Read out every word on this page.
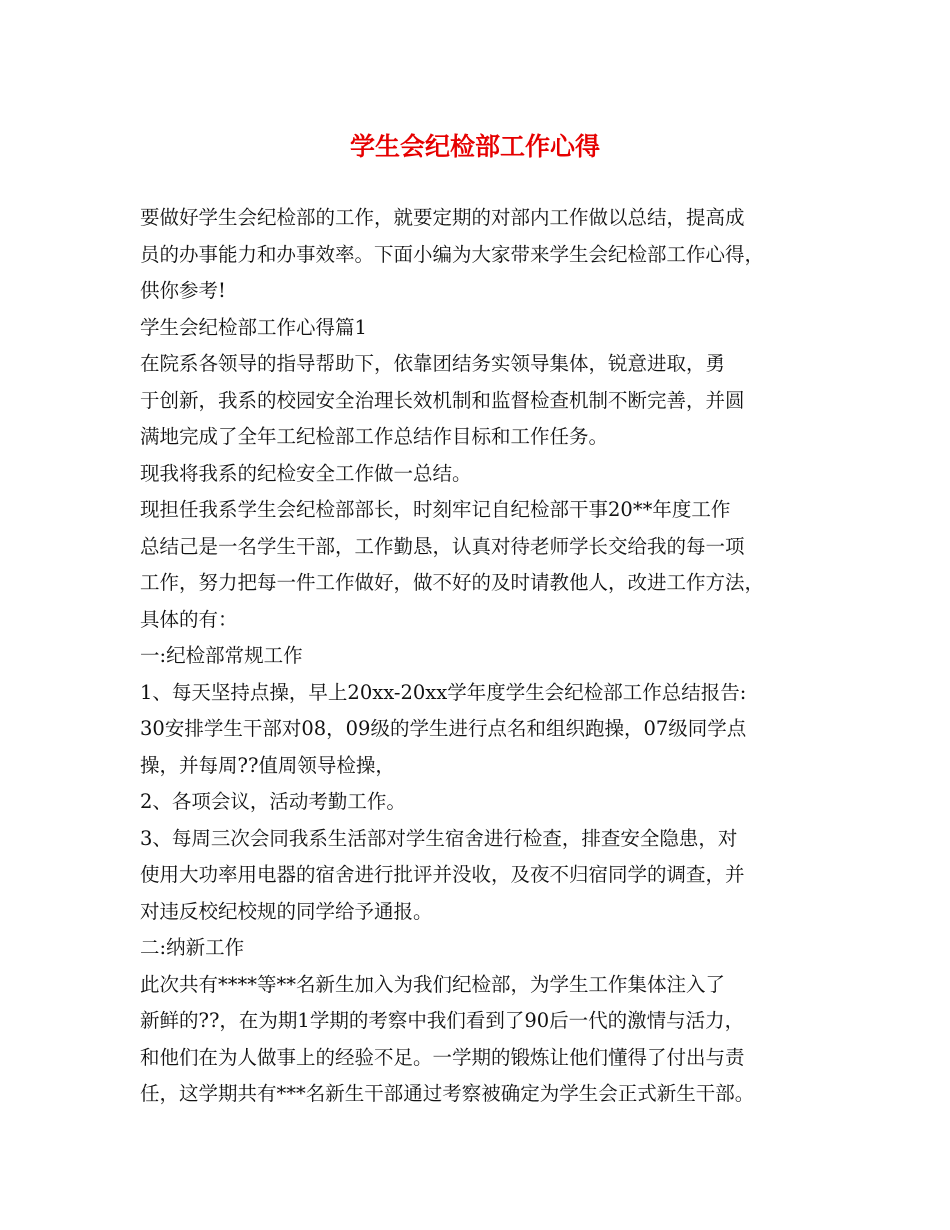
学生会纪检部工作心得
要做好学生会纪检部的工作，就要定期的对部内工作做以总结，提高成
员的办事能力和办事效率。下面小编为大家带来学生会纪检部工作心得，
供你参考!
学生会纪检部工作心得篇1
在院系各领导的指导帮助下，依靠团结务实领导集体，锐意进取，勇
于创新，我系的校园安全治理长效机制和监督检查机制不断完善，并圆
满地完成了全年工纪检部工作总结作目标和工作任务。
现我将我系的纪检安全工作做一总结。
现担任我系学生会纪检部部长，时刻牢记自纪检部干事20**年度工作
总结己是一名学生干部，工作勤恳，认真对待老师学长交给我的每一项
工作，努力把每一件工作做好，做不好的及时请教他人，改进工作方法，
具体的有：
一:纪检部常规工作
1、每天坚持点操，早上20xx-20xx学年度学生会纪检部工作总结报告:
30安排学生干部对08，09级的学生进行点名和组织跑操，07级同学点
操，并每周??值周领导检操，
2、各项会议，活动考勤工作。
3、每周三次会同我系生活部对学生宿舍进行检查，排查安全隐患，对
使用大功率用电器的宿舍进行批评并没收，及夜不归宿同学的调查，并
对违反校纪校规的同学给予通报。
二:纳新工作
此次共有****等**名新生加入为我们纪检部，为学生工作集体注入了
新鲜的??，在为期1学期的考察中我们看到了90后一代的激情与活力，
和他们在为人做事上的经验不足。一学期的锻炼让他们懂得了付出与责
任，这学期共有***名新生干部通过考察被确定为学生会正式新生干部。
